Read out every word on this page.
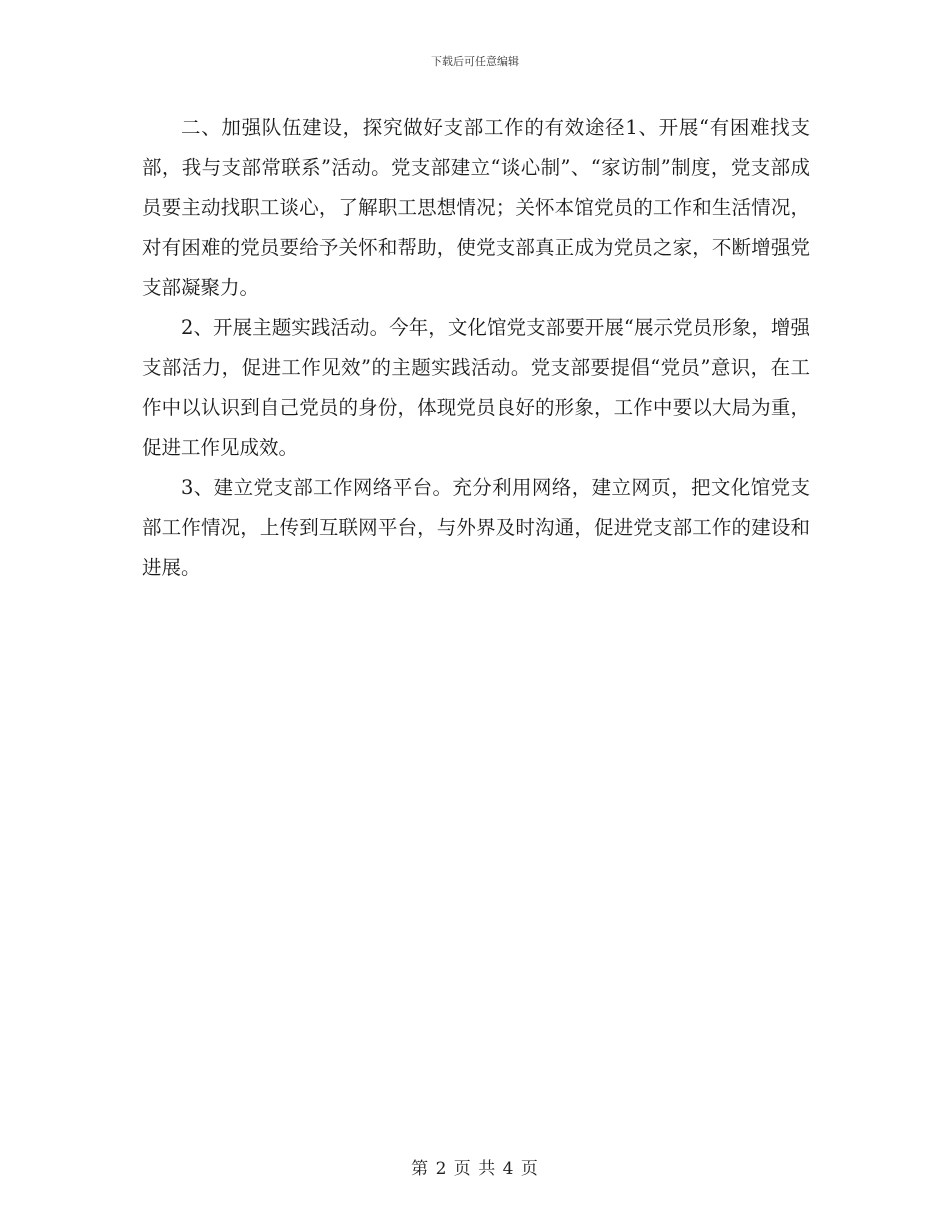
下载后可任意编辑

二、加强队伍建设，探究做好支部工作的有效途径1、开展“有困难找支部，我与支部常联系”活动。党支部建立“谈心制”、“家访制”制度，党支部成员要主动找职工谈心，了解职工思想情况；关怀本馆党员的工作和生活情况，对有困难的党员要给予关怀和帮助，使党支部真正成为党员之家，不断增强党支部凝聚力。

2、开展主题实践活动。今年，文化馆党支部要开展“展示党员形象，增强支部活力，促进工作见效”的主题实践活动。党支部要提倡“党员”意识，在工作中以认识到自己党员的身份，体现党员良好的形象，工作中要以大局为重，促进工作见成效。

3、建立党支部工作网络平台。充分利用网络，建立网页，把文化馆党支部工作情况，上传到互联网平台，与外界及时沟通，促进党支部工作的建设和进展。

第 2 页 共 4 页
